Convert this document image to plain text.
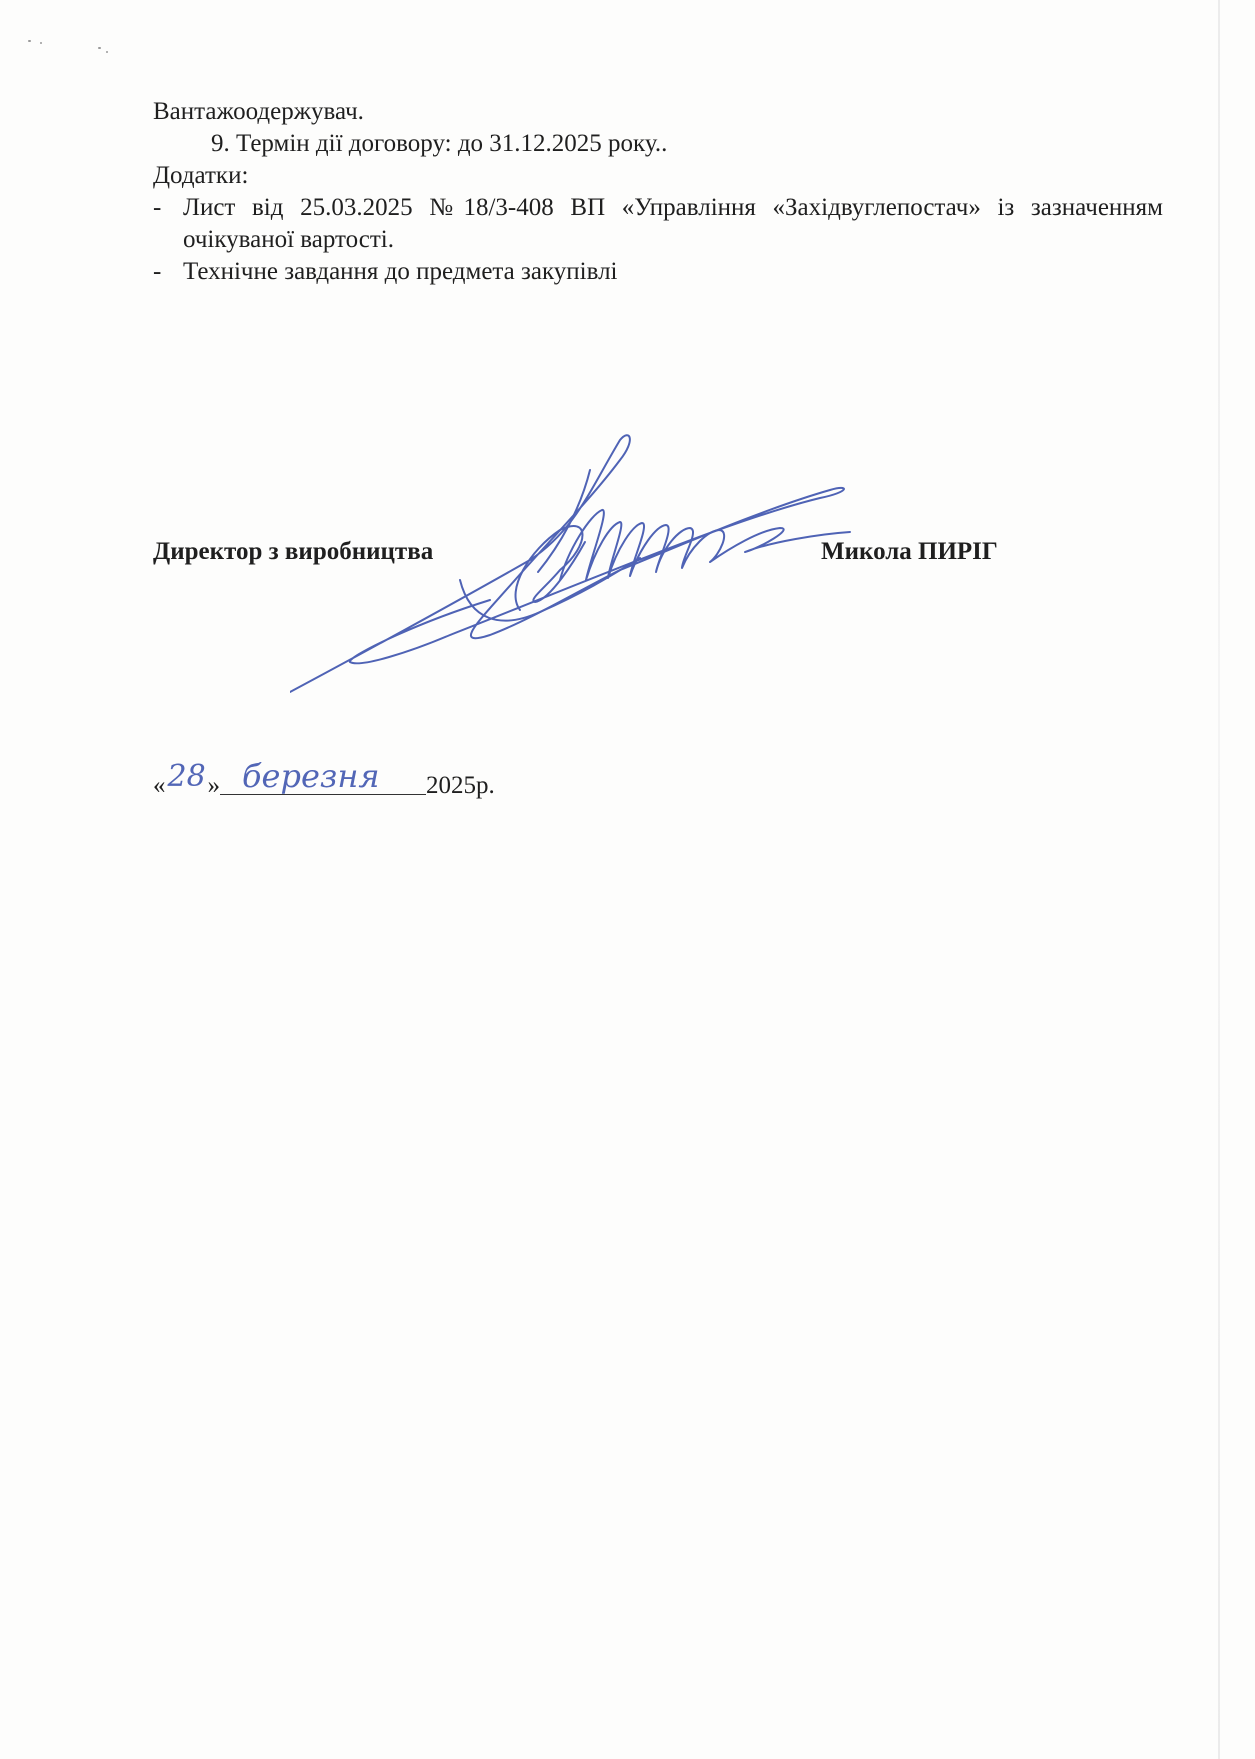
Вантажоодержувач.
9. Термін дії договору: до 31.12.2025 року..
Додатки:
- Лист від 25.03.2025 №18/3-408 ВП «Управління «Західвуглепостач» із зазначенням очікуваної вартості.
- Технічне завдання до предмета закупівлі
Директор з виробництва	Микола ПИРІГ
« 28 » березня 2025р.
